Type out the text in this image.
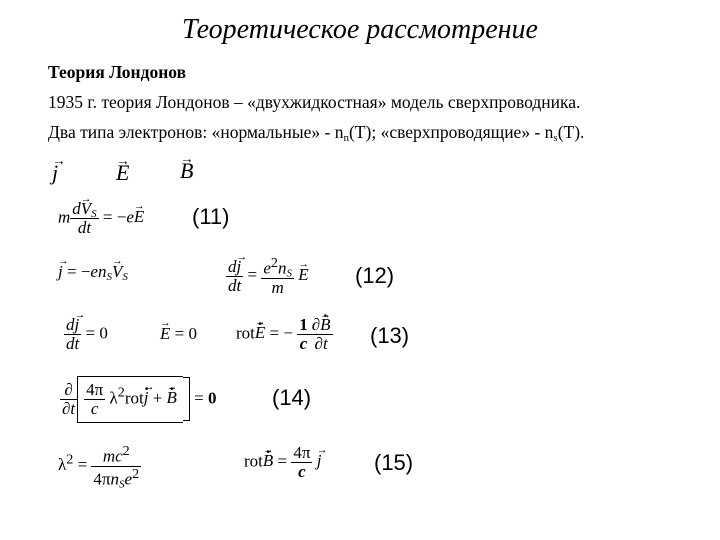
Теоретическое рассмотрение
Теория Лондонов
1935 г. теория Лондонов – «двухжидкостная» модель сверхпроводника.
Два типа электронов: «нормальные» - $n_n(T)$; «сверхпроводящие» - $n_s(T)$.
→ j
→	E
→ B
m $\frac{d\to V_S}{dt} = -e\to E$ (11)
→ $j = -en_S\to V_S$	$\frac{d\to j}{dt} = \frac{e^2n_S}{m}$
→ E (12)
$\frac{d\to j}{dt} = 0$
→	E = 0 rot· → E = − $\frac{1}{c} \frac{\partial\cdot \to B}{\partial t} (13)$
$\frac{\partial}{\partial t} \frac{4\pi}{c} \lambda^2rot\cdot \to j$ + · → B = 0	(14)
$\lambda^2 = \frac{mc^2}{4\pi n_Se^2}$	$rot\cdot \to B = \frac{4\pi}{c}$
→ j (15)
